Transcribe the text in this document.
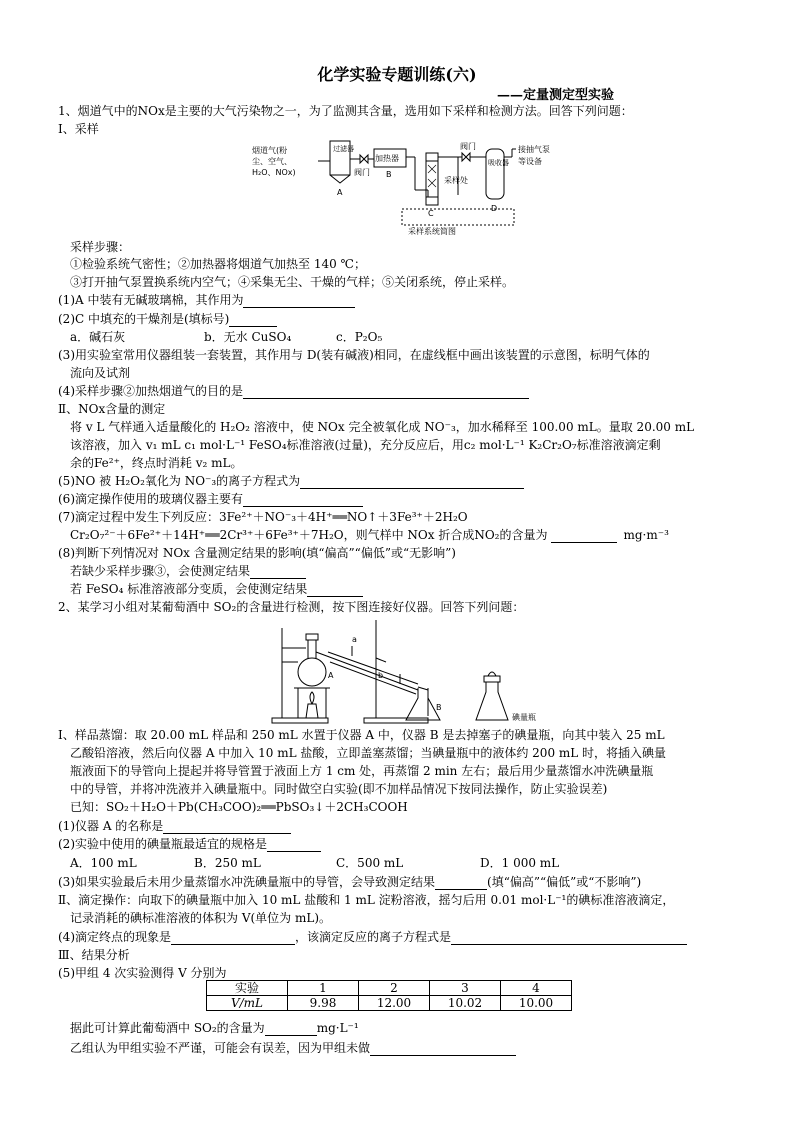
化学实验专题训练(六)
——定量测定型实验
1、烟道气中的NOx是主要的大气污染物之一，为了监测其含量，选用如下采样和检测方法。回答下列问题：
Ⅰ、采样
烟道气(粉
尘、空气、
H₂O、NOx)
过滤器
A
阀门
加热器
B
C
采样处
阀门
吸收器
D
接抽气泵
等设备
采样系统简图
采样步骤：
①检验系统气密性；②加热器将烟道气加热至 140 ℃；
③打开抽气泵置换系统内空气；④采集无尘、干燥的气样；⑤关闭系统，停止采样。
(1)A 中装有无碱玻璃棉，其作用为
(2)C 中填充的干燥剂是(填标号)
a．碱石灰	b．无水 CuSO₄	c．P₂O₅
(3)用实验室常用仪器组装一套装置，其作用与 D(装有碱液)相同，在虚线框中画出该装置的示意图，标明气体的
流向及试剂
(4)采样步骤②加热烟道气的目的是
Ⅱ、NOx含量的测定
将 v L 气样通入适量酸化的 H₂O₂ 溶液中，使 NOx 完全被氧化成 NO⁻₃，加水稀释至 100.00 mL。量取 20.00 mL
该溶液，加入 v₁ mL c₁ mol·L⁻¹ FeSO₄标准溶液(过量)，充分反应后，用c₂ mol·L⁻¹ K₂Cr₂O₇标准溶液滴定剩
余的Fe²⁺，终点时消耗 v₂ mL。
(5)NO 被 H₂O₂氧化为 NO⁻₃的离子方程式为
(6)滴定操作使用的玻璃仪器主要有
(7)滴定过程中发生下列反应：3Fe²⁺＋NO⁻₃＋4H⁺══NO↑＋3Fe³⁺＋2H₂O
Cr₂O₇²⁻＋6Fe²⁺＋14H⁺══2Cr³⁺＋6Fe³⁺＋7H₂O，则气样中 NOx 折合成NO₂的含量为	mg·m⁻³
(8)判断下列情况对 NOx 含量测定结果的影响(填“偏高”“偏低”或“无影响”)
若缺少采样步骤③，会使测定结果
若 FeSO₄ 标准溶液部分变质，会使测定结果
2、某学习小组对某葡萄酒中 SO₂的含量进行检测，按下图连接好仪器。回答下列问题：
a
b
A
B
碘量瓶
Ⅰ、样品蒸馏：取 20.00 mL 样品和 250 mL 水置于仪器 A 中，仪器 B 是去掉塞子的碘量瓶，向其中装入 25 mL
乙酸铅溶液，然后向仪器 A 中加入 10 mL 盐酸，立即盖塞蒸馏；当碘量瓶中的液体约 200 mL 时，将插入碘量
瓶液面下的导管向上提起并将导管置于液面上方 1 cm 处，再蒸馏 2 min 左右；最后用少量蒸馏水冲洗碘量瓶
中的导管，并将冲洗液并入碘量瓶中。同时做空白实验(即不加样品情况下按同法操作，防止实验误差)
已知：SO₂＋H₂O＋Pb(CH₃COO)₂══PbSO₃↓＋2CH₃COOH
(1)仪器 A 的名称是
(2)实验中使用的碘量瓶最适宜的规格是
A．100 mL	B．250 mL	C．500 mL	D．1 000 mL
(3)如果实验最后未用少量蒸馏水冲洗碘量瓶中的导管，会导致测定结果	(填“偏高”“偏低”或“不影响”)
Ⅱ、滴定操作：向取下的碘量瓶中加入 10 mL 盐酸和 1 mL 淀粉溶液，摇匀后用 0.01 mol·L⁻¹的碘标准溶液滴定，
记录消耗的碘标准溶液的体积为 V(单位为 mL)。
(4)滴定终点的现象是	，该滴定反应的离子方程式是
Ⅲ、结果分析
(5)甲组 4 次实验测得 V 分别为
实验	1	2	3	4
V/mL	9.98	12.00	10.02	10.00
据此可计算此葡萄酒中 SO₂的含量为	mg·L⁻¹
乙组认为甲组实验不严谨，可能会有误差，因为甲组未做
